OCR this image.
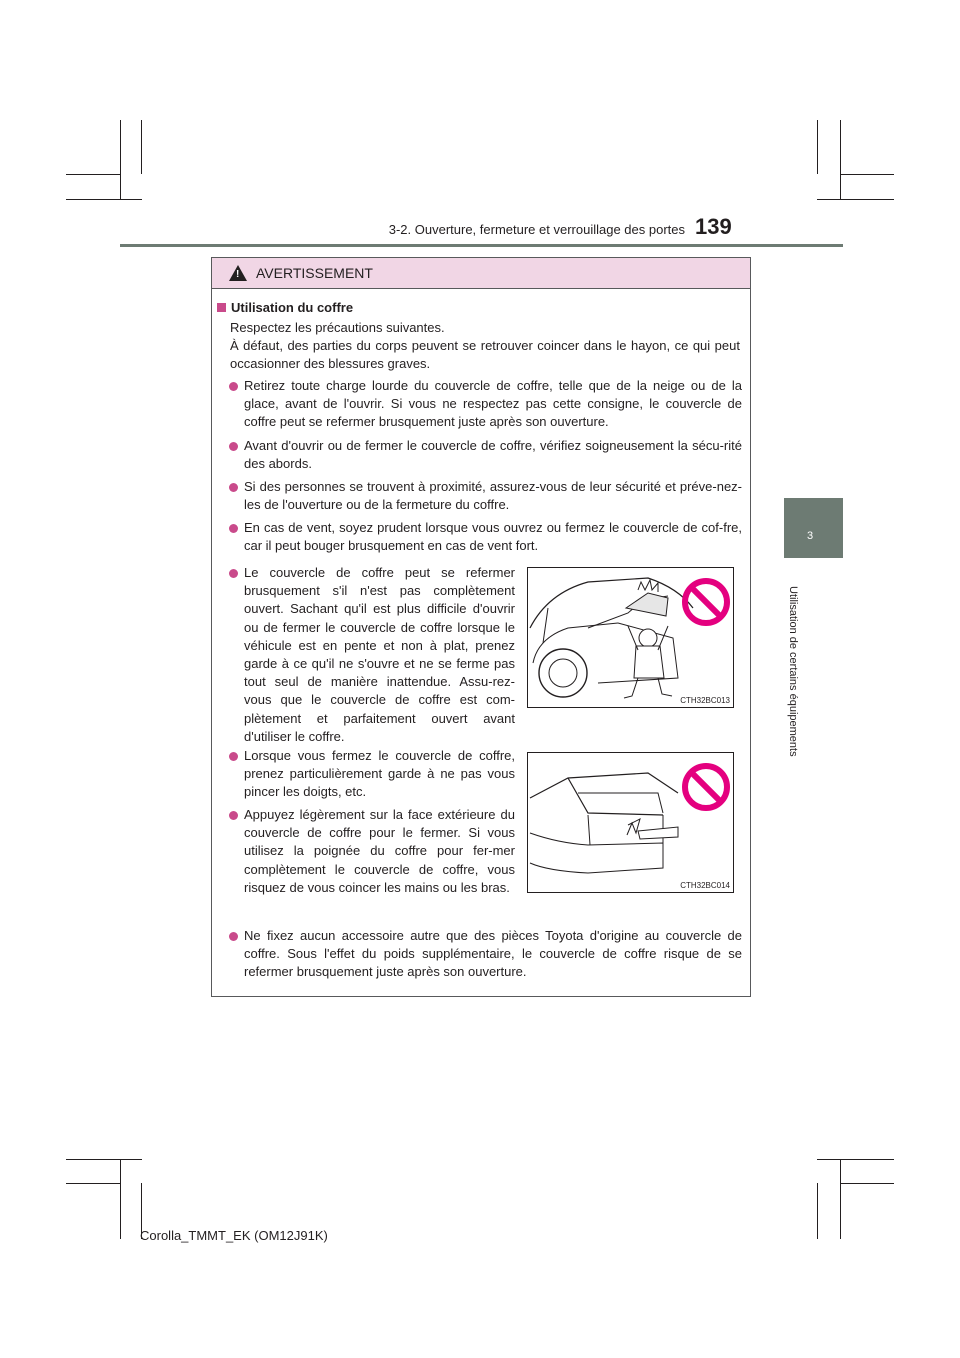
3-2. Ouverture, fermeture et verrouillage des portes 139
3
Utilisation de certains équipements
! AVERTISSEMENT
Utilisation du coffre

Respectez les précautions suivantes.

À défaut, des parties du corps peuvent se retrouver coincer dans le hayon, ce qui peut occasionner des blessures graves.

Retirez toute charge lourde du couvercle de coffre, telle que de la neige ou de la glace, avant de l'ouvrir. Si vous ne respectez pas cette consigne, le couvercle de coffre peut se refermer brusquement juste après son ouverture.
Avant d'ouvrir ou de fermer le couvercle de coffre, vérifiez soigneusement la sécu-rité des abords.
Si des personnes se trouvent à proximité, assurez-vous de leur sécurité et préve-nez-les de l'ouverture ou de la fermeture du coffre.
En cas de vent, soyez prudent lorsque vous ouvrez ou fermez le couvercle de cof-fre, car il peut bouger brusquement en cas de vent fort.
Le couvercle de coffre peut se refermer brusquement s'il n'est pas complètement ouvert. Sachant qu'il est plus difficile d'ouvrir ou de fermer le couvercle de coffre lorsque le véhicule est en pente et non à plat, prenez garde à ce qu'il ne s'ouvre et ne se ferme pas tout seul de manière inattendue. Assu-rez-vous que le couvercle de coffre est com-plètement et parfaitement ouvert avant d'utiliser le coffre.
CTH32BC013
Lorsque vous fermez le couvercle de coffre, prenez particulièrement garde à ne pas vous pincer les doigts, etc.
Appuyez légèrement sur la face extérieure du couvercle de coffre pour le fermer. Si vous utilisez la poignée du coffre pour fer-mer complètement le couvercle de coffre, vous risquez de vous coincer les mains ou les bras.	CTH32BC014
Ne fixez aucun accessoire autre que des pièces Toyota d'origine au couvercle de coffre. Sous l'effet du poids supplémentaire, le couvercle de coffre risque de se refermer brusquement juste après son ouverture.
Corolla_TMMT_EK (OM12J91K)
